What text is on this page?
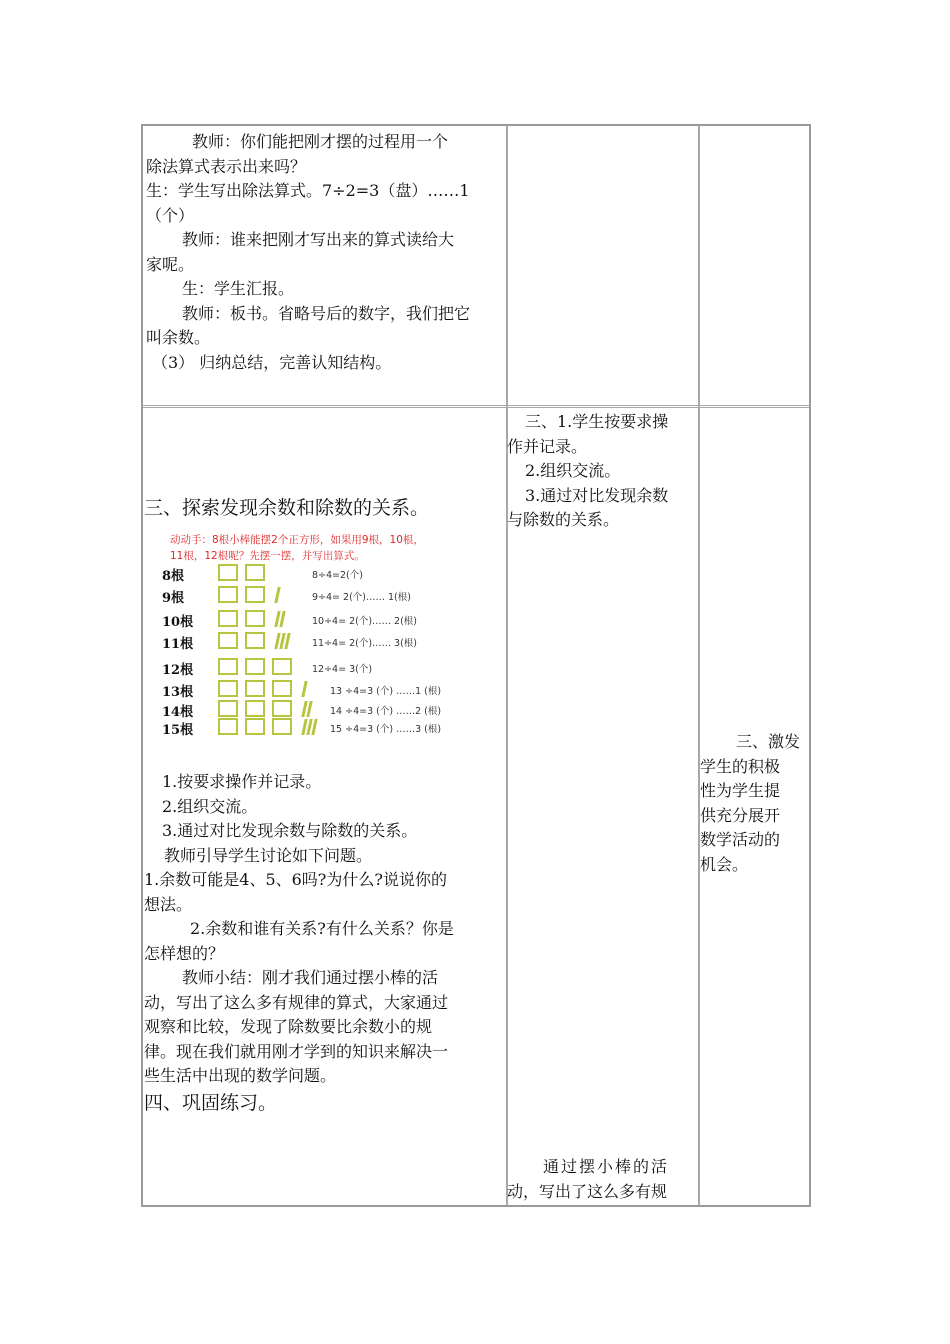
教师：你们能把刚才摆的过程用一个

除法算式表示出来吗？

生：学生写出除法算式。7÷2=3（盘）……1

（个）

教师：谁来把刚才写出来的算式读给大

家呢。

生：学生汇报。

教师：板书。省略号后的数字，我们把它

叫余数。

（3） 归纳总结，完善认知结构。

三、探索发现余数和除数的关系。

动动手：8根小棒能摆2个正方形，如果用9根，10根，
11根，12根呢？先摆一摆，并写出算式。
8根	8÷4=2(个)
9根	9÷4= 2(个)…… 1(根)
10根	10÷4= 2(个)…… 2(根)
11根	11÷4= 2(个)…… 3(根)
12根	12÷4= 3(个)
13根	13 ÷4=3 (个) ……1 (根)
14根	14 ÷4=3 (个) ……2 (根)
15根	15 ÷4=3 (个) ……3 (根)

1.按要求操作并记录。

2.组织交流。

3.通过对比发现余数与除数的关系。

教师引导学生讨论如下问题。

1.余数可能是4、5、6吗?为什么?说说你的

想法。

2.余数和谁有关系?有什么关系？你是

怎样想的？

教师小结：刚才我们通过摆小棒的活

动，写出了这么多有规律的算式，大家通过

观察和比较，发现了除数要比余数小的规

律。现在我们就用刚才学到的知识来解决一

些生活中出现的数学问题。

四、巩固练习。

三、1.学生按要求操

作并记录。

2.组织交流。

3.通过对比发现余数

与除数的关系。

通过摆小棒的活

动，写出了这么多有规

三、激发

学生的积极

性为学生提

供充分展开

数学活动的

机会。
